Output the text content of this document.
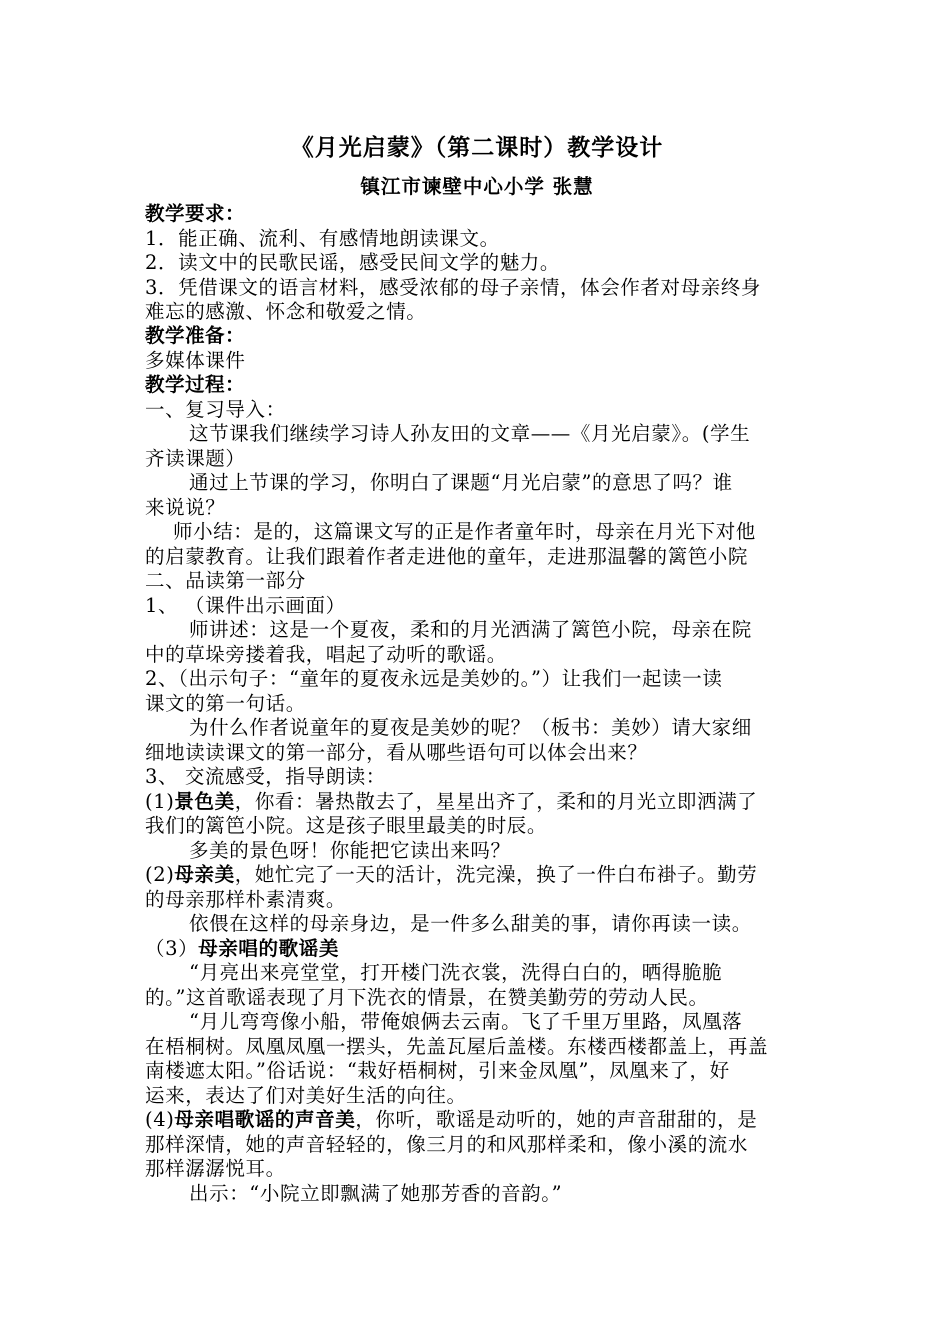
《月光启蒙》（第二课时）教学设计

镇江市谏壁中心小学 张慧

教学要求：

1．能正确、流利、有感情地朗读课文。

2．读文中的民歌民谣，感受民间文学的魅力。

3．凭借课文的语言材料，感受浓郁的母子亲情，体会作者对母亲终身

难忘的感激、怀念和敬爱之情。

教学准备：

多媒体课件

教学过程：

一、复习导入：

这节课我们继续学习诗人孙友田的文章——《月光启蒙》。(学生

齐读课题）

通过上节课的学习，你明白了课题“月光启蒙”的意思了吗？谁

来说说？

师小结：是的，这篇课文写的正是作者童年时，母亲在月光下对他

的启蒙教育。让我们跟着作者走进他的童年，走进那温馨的篱笆小院

二、品读第一部分

1、 （课件出示画面）

师讲述：这是一个夏夜，柔和的月光洒满了篱笆小院，母亲在院

中的草垛旁搂着我，唱起了动听的歌谣。

2、（出示句子：“童年的夏夜永远是美妙的。”）让我们一起读一读

课文的第一句话。

为什么作者说童年的夏夜是美妙的呢？（板书：美妙）请大家细

细地读读课文的第一部分，看从哪些语句可以体会出来？

3、 交流感受，指导朗读：

(1)景色美，你看：暑热散去了，星星出齐了，柔和的月光立即洒满了

我们的篱笆小院。这是孩子眼里最美的时辰。

多美的景色呀！你能把它读出来吗？

(2)母亲美，她忙完了一天的活计，洗完澡，换了一件白布褂子。勤劳

的母亲那样朴素清爽。

依偎在这样的母亲身边，是一件多么甜美的事，请你再读一读。

（3）母亲唱的歌谣美

“月亮出来亮堂堂，打开楼门洗衣裳，洗得白白的，晒得脆脆

的。”这首歌谣表现了月下洗衣的情景，在赞美勤劳的劳动人民。

“月儿弯弯像小船，带俺娘俩去云南。飞了千里万里路，凤凰落

在梧桐树。凤凰凤凰一摆头，先盖瓦屋后盖楼。东楼西楼都盖上，再盖

南楼遮太阳。”俗话说：“栽好梧桐树，引来金凤凰”，凤凰来了，好

运来，表达了们对美好生活的向往。

(4)母亲唱歌谣的声音美，你听，歌谣是动听的，她的声音甜甜的，是

那样深情，她的声音轻轻的，像三月的和风那样柔和，像小溪的流水

那样潺潺悦耳。

出示：“小院立即飘满了她那芳香的音韵。”
